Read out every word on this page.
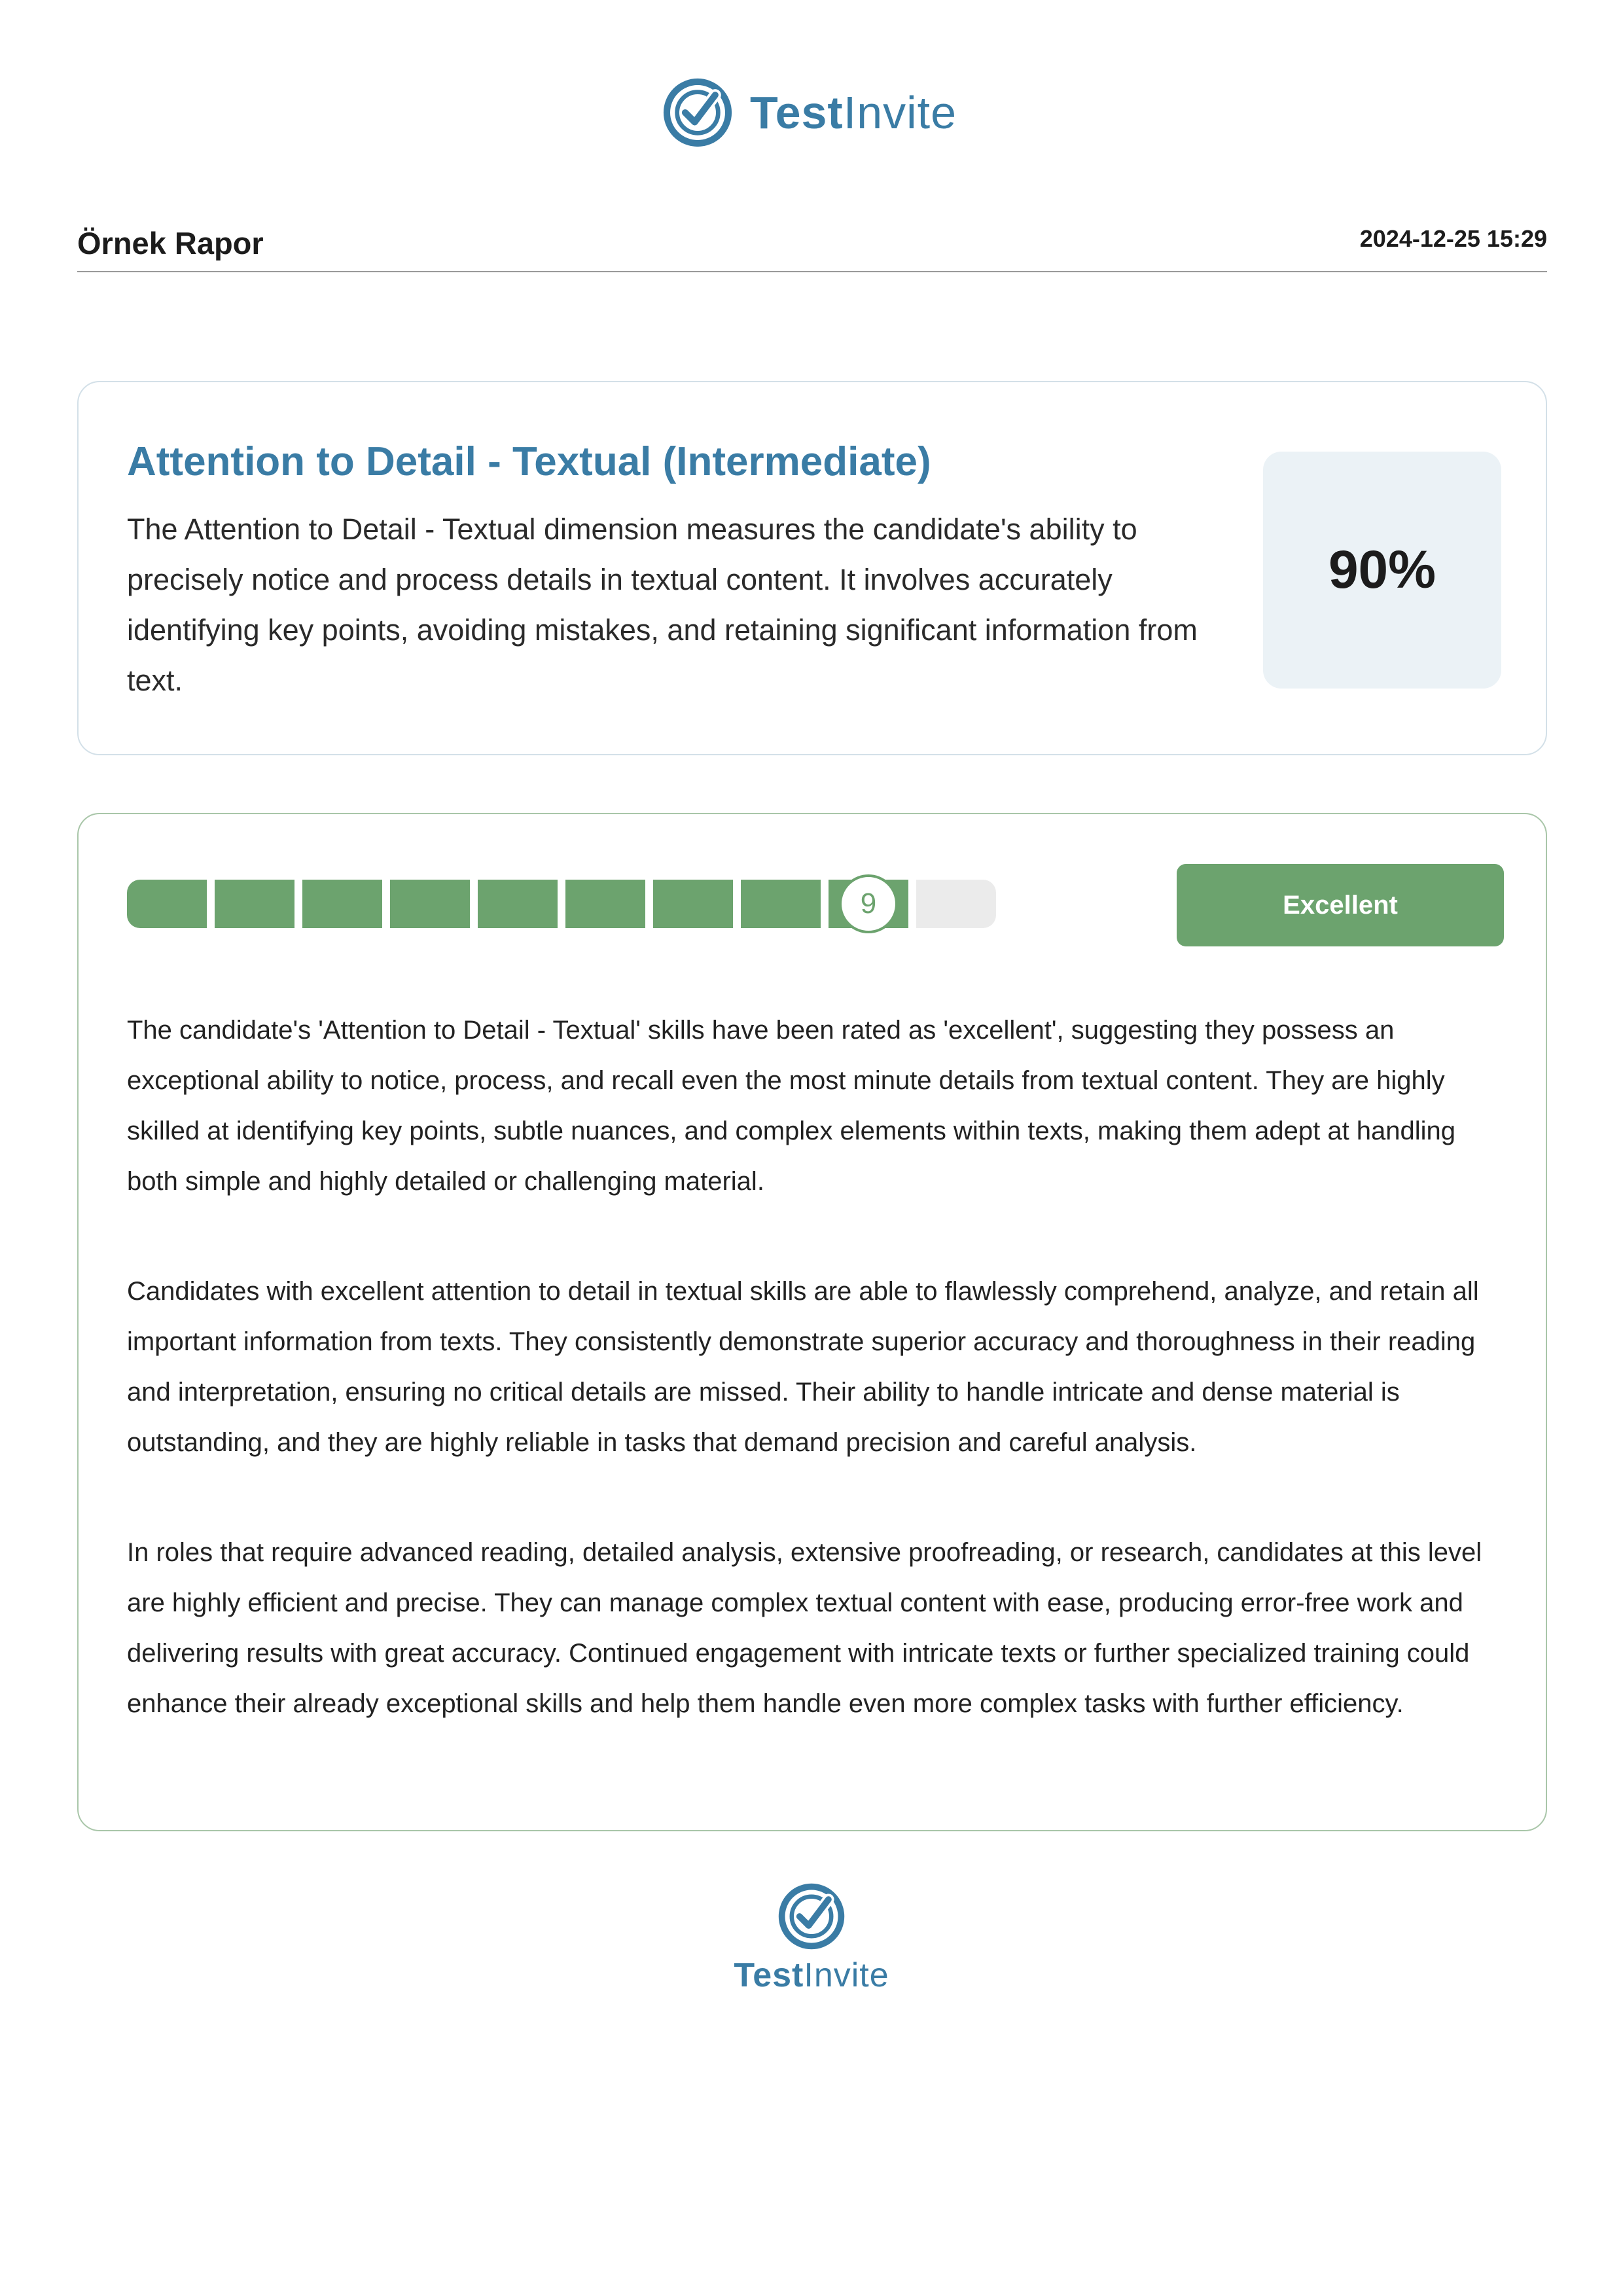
TestInvite
Örnek Rapor	2024-12-25 15:29
Attention to Detail - Textual (Intermediate)

The Attention to Detail - Textual dimension measures the candidate's ability to precisely notice and process details in textual content. It involves accurately identifying key points, avoiding mistakes, and retaining significant information from text.

90%
9	Excellent

The candidate's 'Attention to Detail - Textual' skills have been rated as 'excellent', suggesting they possess an exceptional ability to notice, process, and recall even the most minute details from textual content. They are highly skilled at identifying key points, subtle nuances, and complex elements within texts, making them adept at handling both simple and highly detailed or challenging material.

Candidates with excellent attention to detail in textual skills are able to flawlessly comprehend, analyze, and retain all important information from texts. They consistently demonstrate superior accuracy and thoroughness in their reading and interpretation, ensuring no critical details are missed. Their ability to handle intricate and dense material is outstanding, and they are highly reliable in tasks that demand precision and careful analysis.

In roles that require advanced reading, detailed analysis, extensive proofreading, or research, candidates at this level are highly efficient and precise. They can manage complex textual content with ease, producing error-free work and delivering results with great accuracy. Continued engagement with intricate texts or further specialized training could enhance their already exceptional skills and help them handle even more complex tasks with further efficiency.

TestInvite
